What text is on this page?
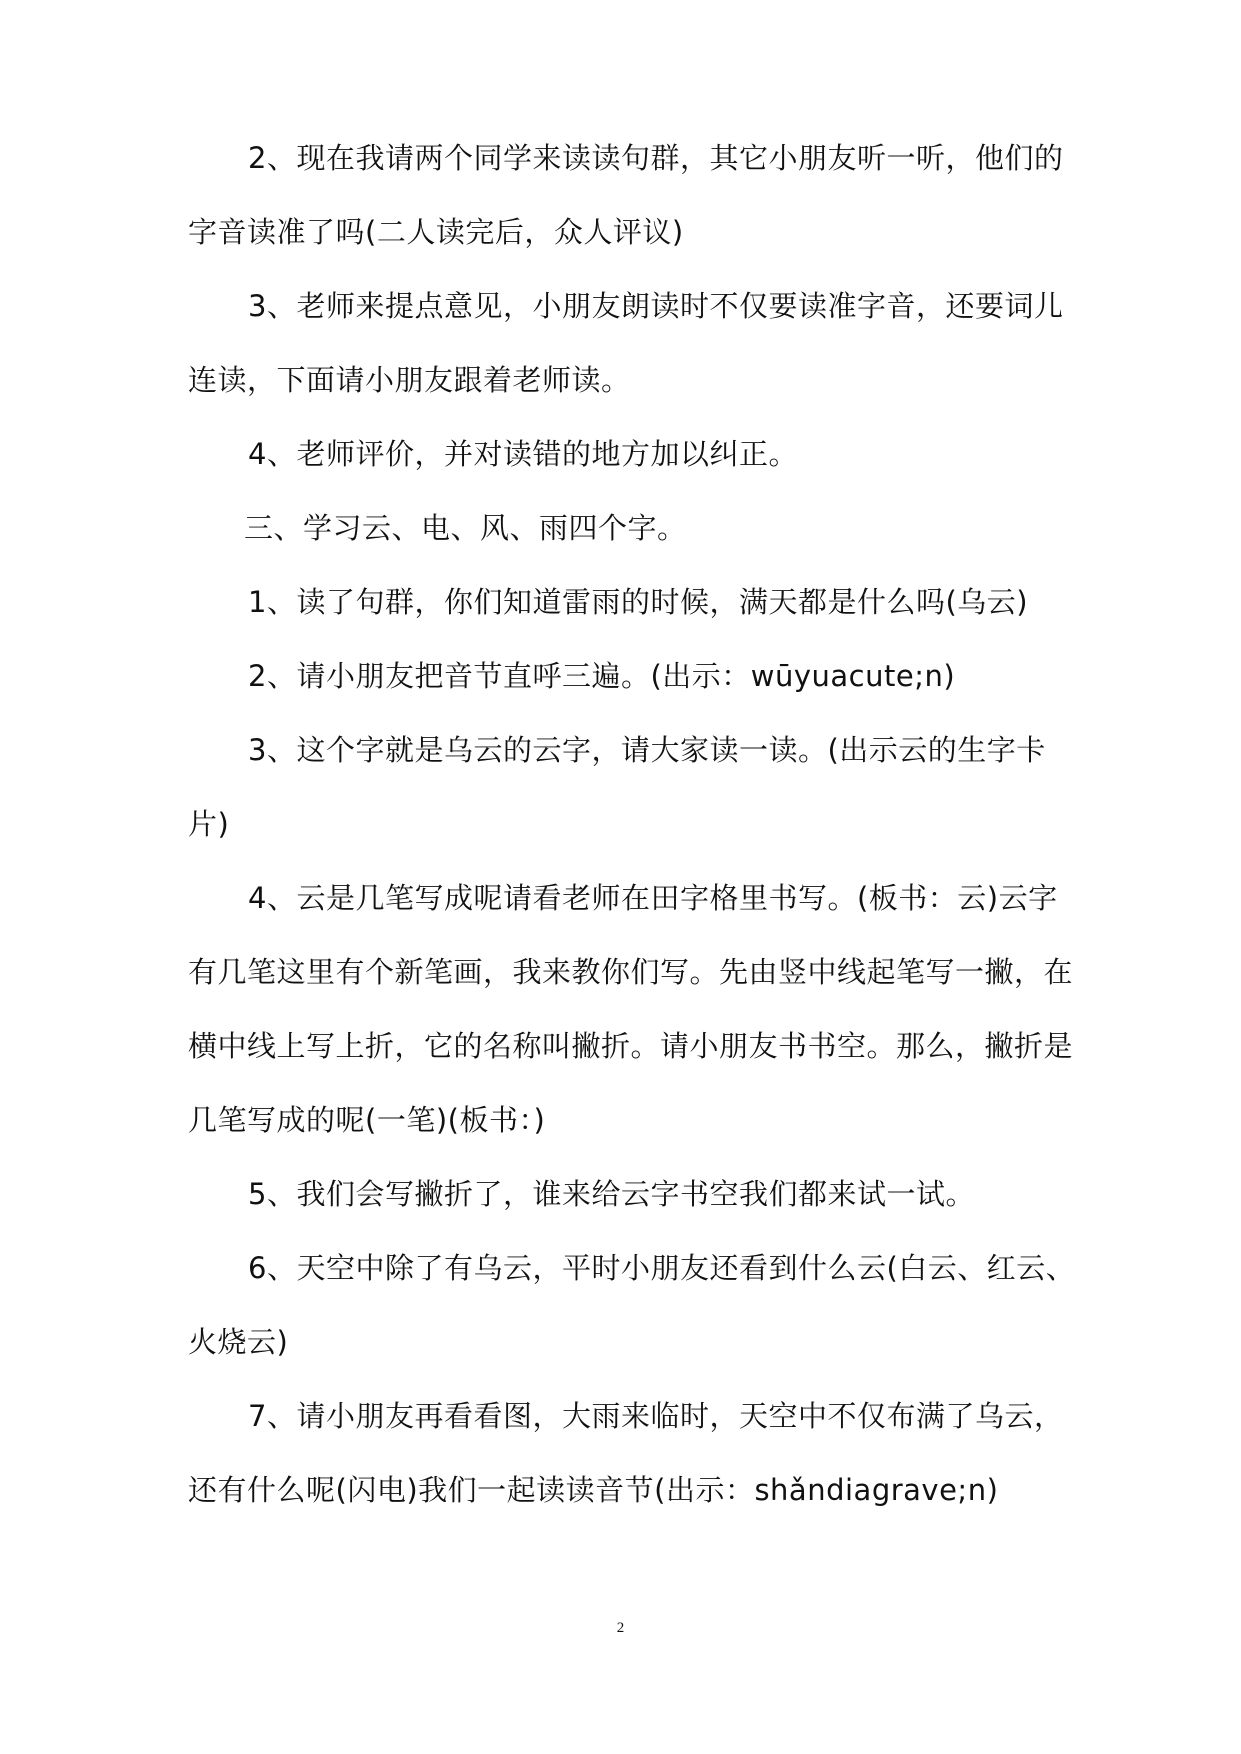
2、现在我请两个同学来读读句群，其它小朋友听一听，他们的
字音读准了吗(二人读完后，众人评议)
3、老师来提点意见，小朋友朗读时不仅要读准字音，还要词儿
连读，下面请小朋友跟着老师读。
4、老师评价，并对读错的地方加以纠正。
三、学习云、电、风、雨四个字。
1、读了句群，你们知道雷雨的时候，满天都是什么吗(乌云)
2、请小朋友把音节直呼三遍。(出示：wūyuacute;n)
3、这个字就是乌云的云字，请大家读一读。(出示云的生字卡
片)
4、云是几笔写成呢请看老师在田字格里书写。(板书：云)云字
有几笔这里有个新笔画，我来教你们写。先由竖中线起笔写一撇，在
横中线上写上折，它的名称叫撇折。请小朋友书书空。那么，撇折是
几笔写成的呢(一笔)(板书：)
5、我们会写撇折了，谁来给云字书空我们都来试一试。
6、天空中除了有乌云，平时小朋友还看到什么云(白云、红云、
火烧云)
7、请小朋友再看看图，大雨来临时，天空中不仅布满了乌云，
还有什么呢(闪电)我们一起读读音节(出示：shǎndiagrave;n)
2
